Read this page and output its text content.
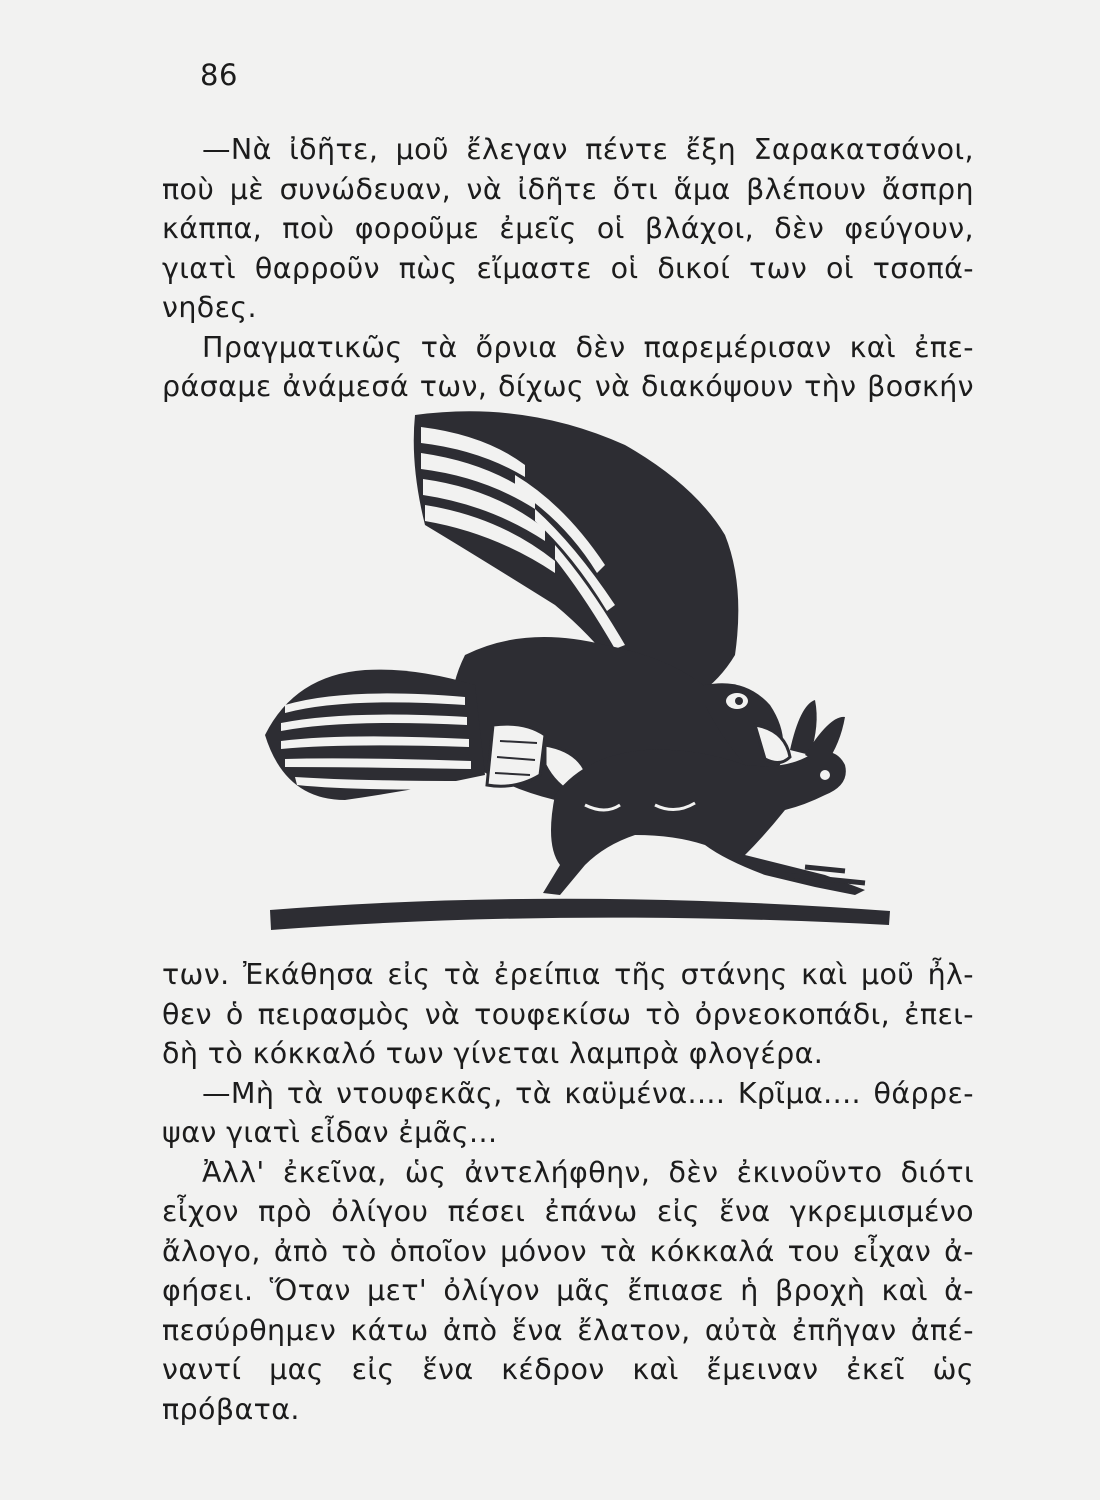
86
—Νὰ ἰδῆτε, μοῦ ἔλεγαν πέντε ἔξη Σαρακατσάνοι,
ποὺ μὲ συνώδευαν, νὰ ἰδῆτε ὅτι ἅμα βλέπουν ἄσπρη
κάππα, ποὺ φοροῦμε ἐμεῖς οἱ βλάχοι, δὲν φεύγουν,
γιατὶ θαρροῦν πὼς εἴμαστε οἱ δικοί των οἱ τσοπά-
νηδες.
Πραγματικῶς τὰ ὄρνια δὲν παρεμέρισαν καὶ ἐπε-
ράσαμε ἀνάμεσά των, δίχως νὰ διακόψουν τὴν βοσκήν
των. Ἐκάθησα εἰς τὰ ἐρείπια τῆς στάνης καὶ μοῦ ἦλ-
θεν ὁ πειρασμὸς νὰ τουφεκίσω τὸ ὀρνεοκοπάδι, ἐπει-
δὴ τὸ κόκκαλό των γίνεται λαμπρὰ φλογέρα.
—Μὴ τὰ ντουφεκᾶς, τὰ καϋμένα.... Κρῖμα.... θάρρε-
ψαν γιατὶ εἶδαν ἐμᾶς...
Ἀλλ' ἐκεῖνα, ὡς ἀντελήφθην, δὲν ἐκινοῦντο διότι
εἶχον πρὸ ὀλίγου πέσει ἐπάνω εἰς ἕνα γκρεμισμένο
ἄλογο, ἀπὸ τὸ ὁποῖον μόνον τὰ κόκκαλά του εἶχαν ἀ-
φήσει. Ὅταν μετ' ὀλίγον μᾶς ἔπιασε ἡ βροχὴ καὶ ἀ-
πεσύρθημεν κάτω ἀπὸ ἕνα ἔλατον, αὐτὰ ἐπῆγαν ἀπέ-
ναντί μας εἰς ἕνα κέδρον καὶ ἔμειναν ἐκεῖ ὡς πρόβατα.
